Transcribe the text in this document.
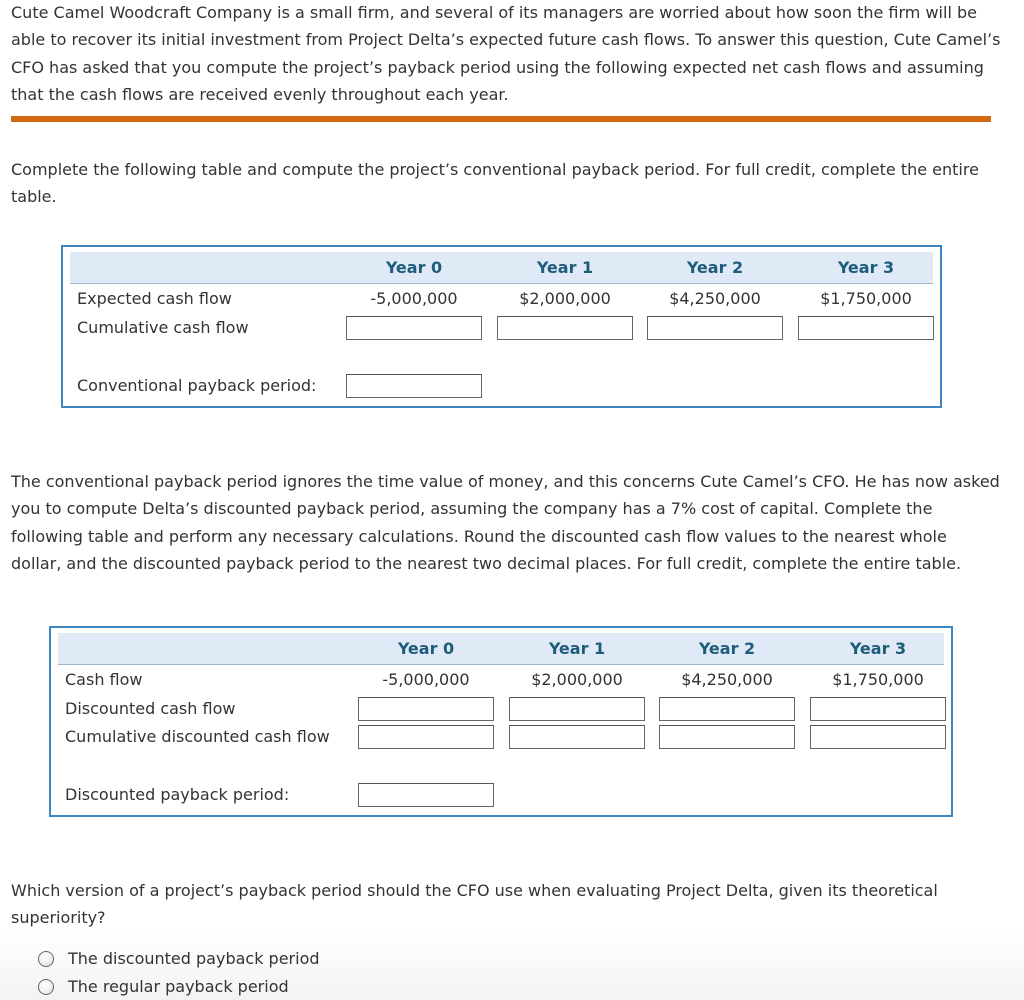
Cute Camel Woodcraft Company is a small firm, and several of its managers are worried about how soon the firm will be able to recover its initial investment from Project Delta’s expected future cash flows. To answer this question, Cute Camel’s CFO has asked that you compute the project’s payback period using the following expected net cash flows and assuming that the cash flows are received evenly throughout each year.

Complete the following table and compute the project’s conventional payback period. For full credit, complete the entire table.

Year 0	Year 1	Year 2	Year 3
Expected cash flow	-5,000,000	$2,000,000	$4,250,000	$1,750,000
Cumulative cash flow
Conventional payback period:

The conventional payback period ignores the time value of money, and this concerns Cute Camel’s CFO. He has now asked you to compute Delta’s discounted payback period, assuming the company has a 7% cost of capital. Complete the following table and perform any necessary calculations. Round the discounted cash flow values to the nearest whole dollar, and the discounted payback period to the nearest two decimal places. For full credit, complete the entire table.

Year 0	Year 1	Year 2	Year 3
Cash flow	-5,000,000	$2,000,000	$4,250,000	$1,750,000
Discounted cash flow
Cumulative discounted cash flow
Discounted payback period:

Which version of a project’s payback period should the CFO use when evaluating Project Delta, given its theoretical superiority?

The discounted payback period
The regular payback period
